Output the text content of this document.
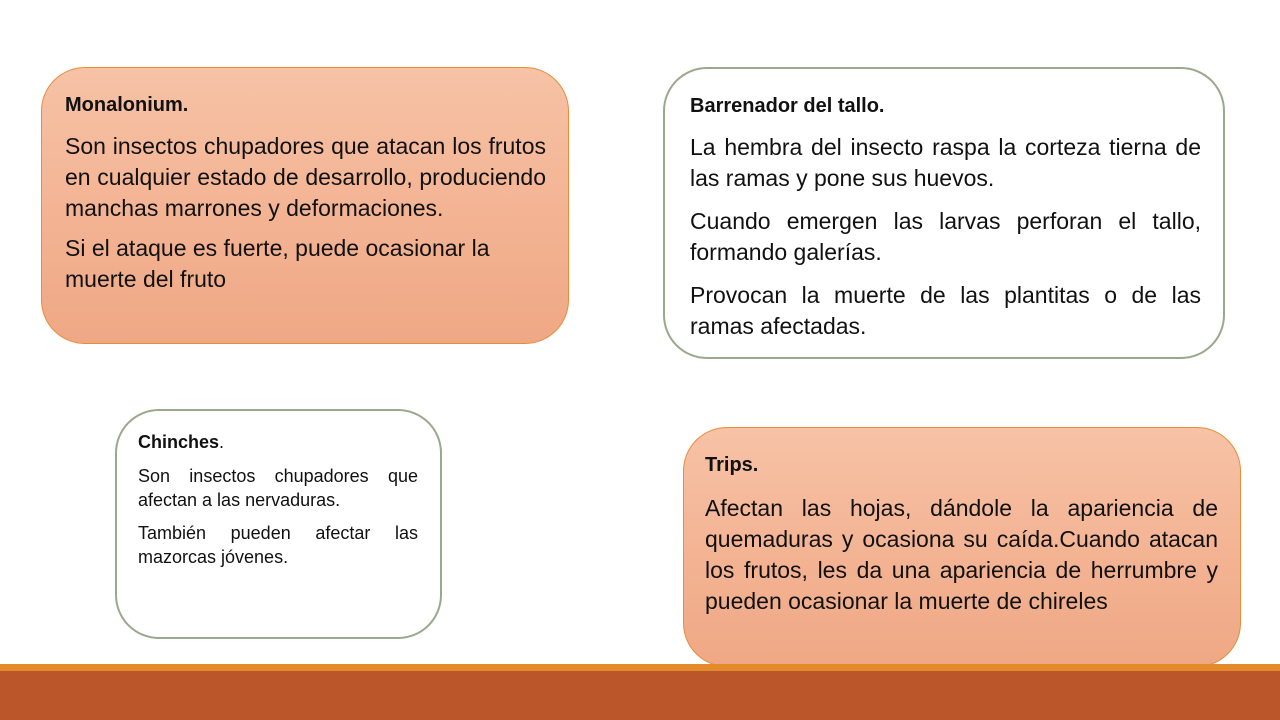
Monalonium.

Son insectos chupadores que atacan los frutos en cualquier estado de desarrollo, produciendo manchas marrones y deformaciones.

Si el ataque es fuerte, puede ocasionar la muerte del fruto

Barrenador del tallo.

La hembra del insecto raspa la corteza tierna de las ramas y pone sus huevos.

Cuando emergen las larvas perforan el tallo, formando galerías.

Provocan la muerte de las plantitas o de las ramas afectadas.

Chinches.

Son insectos chupadores que afectan a las nervaduras.

También pueden afectar las mazorcas jóvenes.

Trips.

Afectan las hojas, dándole la apariencia de quemaduras y ocasiona su caída.Cuando atacan los frutos, les da una apariencia de herrumbre y pueden ocasionar la muerte de chireles
